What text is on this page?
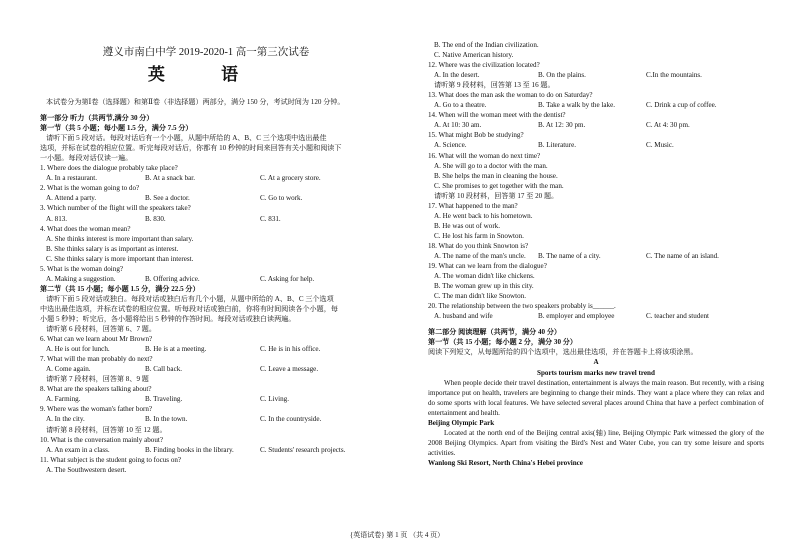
遵义市南白中学 2019-2020-1 高一第三次试卷
英 语
本试卷分为第Ⅰ卷（选择题）和第Ⅱ卷（非选择题）两部分，满分 150 分，考试时间为 120 分钟。
第一部分 听力（共两节,满分 30 分）
第一节（共 5 小题；每小题 1.5 分，满分 7.5 分）
请听下面 5 段对话。每段对话后有一个小题，从题中所给的 A、B、C 三个选项中选出最佳
选项，并标在试卷的相应位置。听完每段对话后，你都有 10 秒钟的时间来回答有关小题和阅读下
一小题。每段对话仅读一遍。
1. Where does the dialogue probably take place?
A. In a restaurant.	B. At a snack bar.	C. At a grocery store.
2. What is the woman going to do?
A. Attend a party.	B. See a doctor.	C. Go to work.
3. Which number of the flight will the speakers take?
A. 813.	B. 830.	C. 831.
4. What does the woman mean?
A. She thinks interest is more important than salary.
B. She thinks salary is as important as interest.
C. She thinks salary is more important than interest.
5. What is the woman doing?
A. Making a suggestion.	B. Offering advice.	C. Asking for help.
第二节（共 15 小题；每小题 1.5 分，满分 22.5 分）
请听下面 5 段对话或独白。每段对话或独白后有几个小题，从题中所给的 A、B、C 三个选项
中选出最佳选项，并标在试卷的相应位置。听每段对话或独白前，你将有时间阅读各个小题，每
小题 5 秒钟；听完后，各小题将给出 5 秒钟的作答时间。每段对话或独白读两遍。
请听第 6 段材料，回答第 6、7 题。
6. What can we learn about Mr Brown?
A. He is out for lunch.	B. He is at a meeting.	C. He is in his office.
7. What will the man probably do next?
A. Come again.	B. Call back.	C. Leave a message.
请听第 7 段材料，回答第 8、9 题
8. What are the speakers talking about?
A. Farming.	B. Traveling.	C. Living.
9. Where was the woman's father born?
A. In the city.	B. In the town.	C. In the countryside.
请听第 8 段材料，回答第 10 至 12 题。
10. What is the conversation mainly about?
A. An exam in a class.	B. Finding books in the library.	C. Students' research projects.
11. What subject is the student going to focus on?
A. The Southwestern desert.
B. The end of the Indian civilization.
C. Native American history.
12. Where was the civilization located?
A. In the desert.	B. On the plains.	C.In the mountains.
请听第 9 段材料，回答第 13 至 16 题。
13. What does the man ask the woman to do on Saturday?
A. Go to a theatre.	B. Take a walk by the lake.	C. Drink a cup of coffee.
14. When will the woman meet with the dentist?
A. At 10: 30 am.	B. At 12: 30 pm.	C. At 4: 30 pm.
15. What might Bob be studying?
A. Science.	B. Literature.	C. Music.
16. What will the woman do next time?
A. She will go to a doctor with the man.
B. She helps the man in cleaning the house.
C. She promises to get together with the man.
请听第 10 段材料，回答第 17 至 20 题。
17. What happened to the man?
A. He went back to his hometown.
B. He was out of work.
C. He lost his farm in Snowton.
18. What do you think Snowton is?
A. The name of the man's uncle.	B. The name of a city.	C. The name of an island.
19. What can we learn from the dialogue?
A. The woman didn't like chickens.
B. The woman grew up in this city.
C. The man didn't like Snowton.
20. The relationship between the two speakers probably is______.
A. husband and wife	B. employer and employee	C. teacher and student
第二部分 阅读理解（共两节，满分 40 分）
第一节（共 15 小题；每小题 2 分，满分 30 分）
阅读下列短文，从每题所给的四个选项中，选出最佳选项，并在答题卡上将该项涂黑。
A
Sports tourism marks new travel trend
When people decide their travel destination, entertainment is always the main reason. But recently, with a rising importance put on health, travelers are beginning to change their minds. They want a place where they can relax and do some sports with local features. We have selected several places around China that have a perfect combination of entertainment and health.
Beijing Olympic Park
Located at the north end of the Beijing central axis(轴) line, Beijing Olympic Park witnessed the glory of the 2008 Beijing Olympics. Apart from visiting the Bird's Nest and Water Cube, you can try some leisure and sports activities.
Wanlong Ski Resort, North China's Hebei province
{英语试卷} 第 1 页 （共 4 页）
